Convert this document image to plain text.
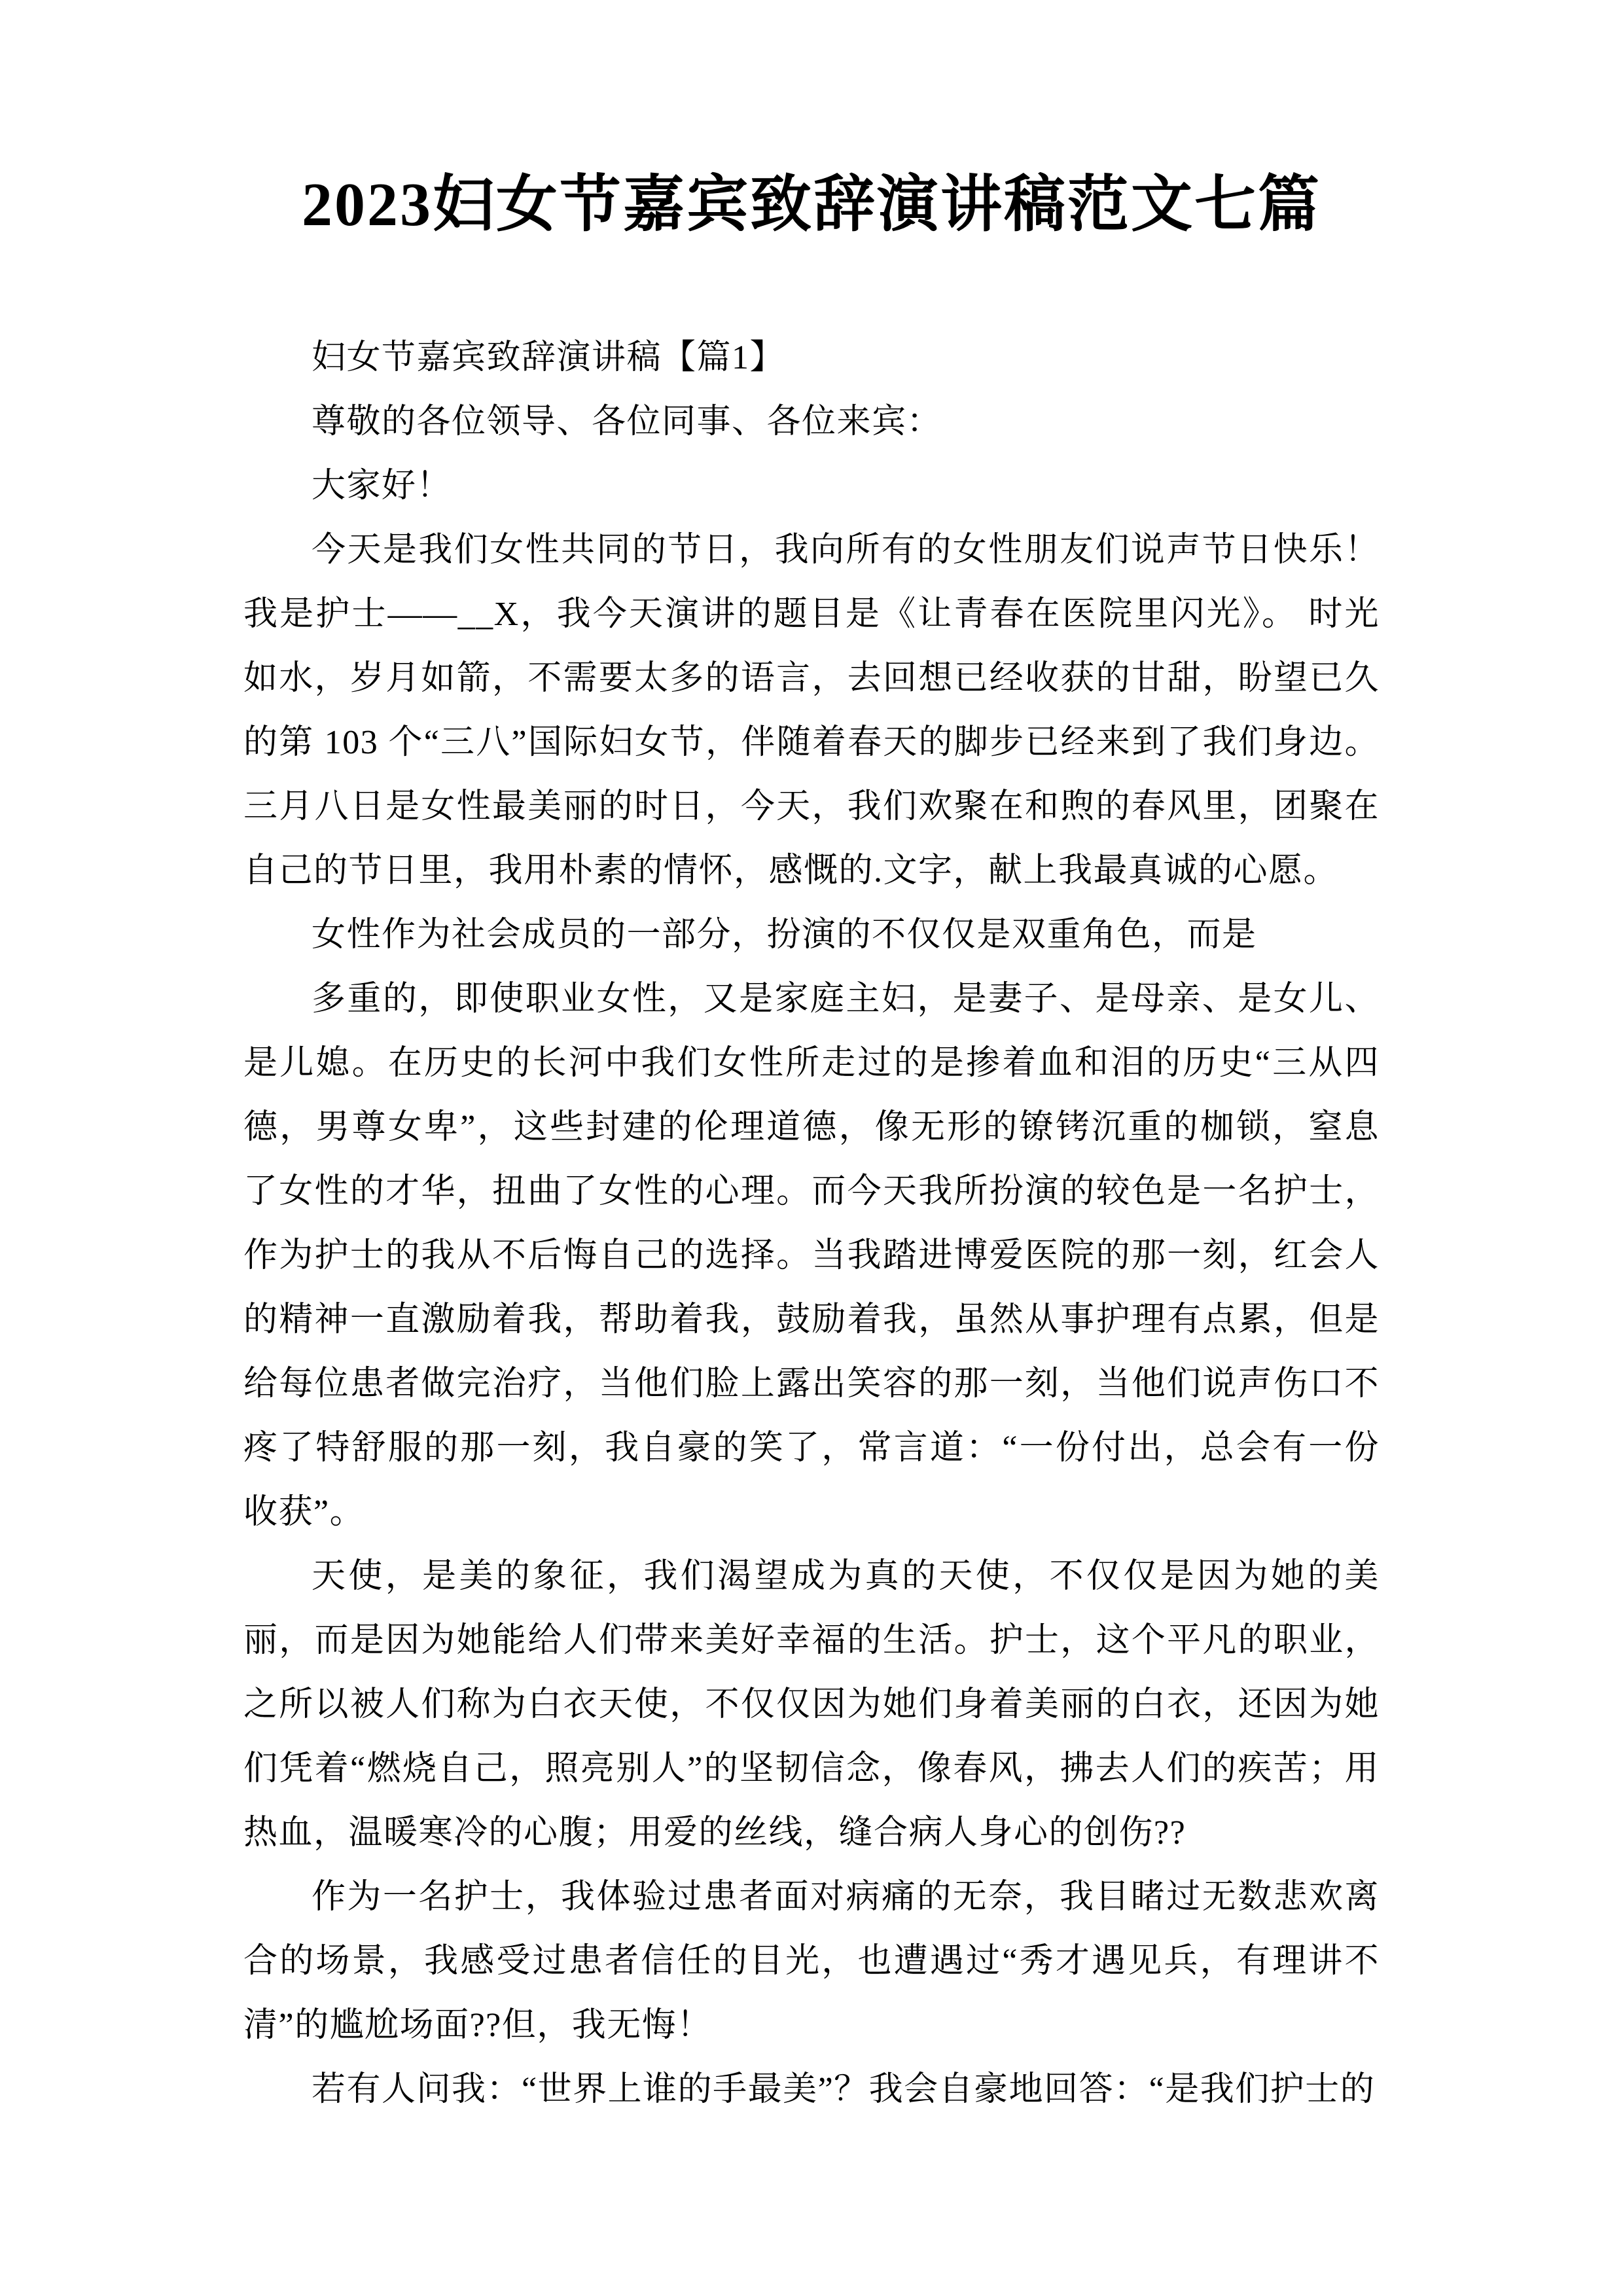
2023妇女节嘉宾致辞演讲稿范文七篇

妇女节嘉宾致辞演讲稿【篇1】

尊敬的各位领导、各位同事、各位来宾：

大家好！

今天是我们女性共同的节日，我向所有的女性朋友们说声节日快乐！我是护士——__X，我今天演讲的题目是《让青春在医院里闪光》。 时光如水，岁月如箭，不需要太多的语言，去回想已经收获的甘甜，盼望已久的第 103 个“三八”国际妇女节，伴随着春天的脚步已经来到了我们身边。三月八日是女性最美丽的时日，今天，我们欢聚在和煦的春风里，团聚在自己的节日里，我用朴素的情怀，感慨的.文字，献上我最真诚的心愿。

女性作为社会成员的一部分，扮演的不仅仅是双重角色，而是

多重的，即使职业女性，又是家庭主妇，是妻子、是母亲、是女儿、是儿媳。在历史的长河中我们女性所走过的是掺着血和泪的历史“三从四德，男尊女卑”，这些封建的伦理道德，像无形的镣铐沉重的枷锁，窒息了女性的才华，扭曲了女性的心理。而今天我所扮演的较色是一名护士，作为护士的我从不后悔自己的选择。当我踏进博爱医院的那一刻，红会人的精神一直激励着我，帮助着我，鼓励着我，虽然从事护理有点累，但是给每位患者做完治疗，当他们脸上露出笑容的那一刻，当他们说声伤口不疼了特舒服的那一刻，我自豪的笑了，常言道：“一份付出，总会有一份收获”。

天使，是美的象征，我们渴望成为真的天使，不仅仅是因为她的美丽，而是因为她能给人们带来美好幸福的生活。护士，这个平凡的职业，之所以被人们称为白衣天使，不仅仅因为她们身着美丽的白衣，还因为她们凭着“燃烧自己，照亮别人”的坚韧信念，像春风，拂去人们的疾苦；用热血，温暖寒冷的心腹；用爱的丝线，缝合病人身心的创伤??

作为一名护士，我体验过患者面对病痛的无奈，我目睹过无数悲欢离合的场景，我感受过患者信任的目光，也遭遇过“秀才遇见兵，有理讲不清”的尴尬场面??但，我无悔！

若有人问我：“世界上谁的手最美”？我会自豪地回答：“是我们护士的
